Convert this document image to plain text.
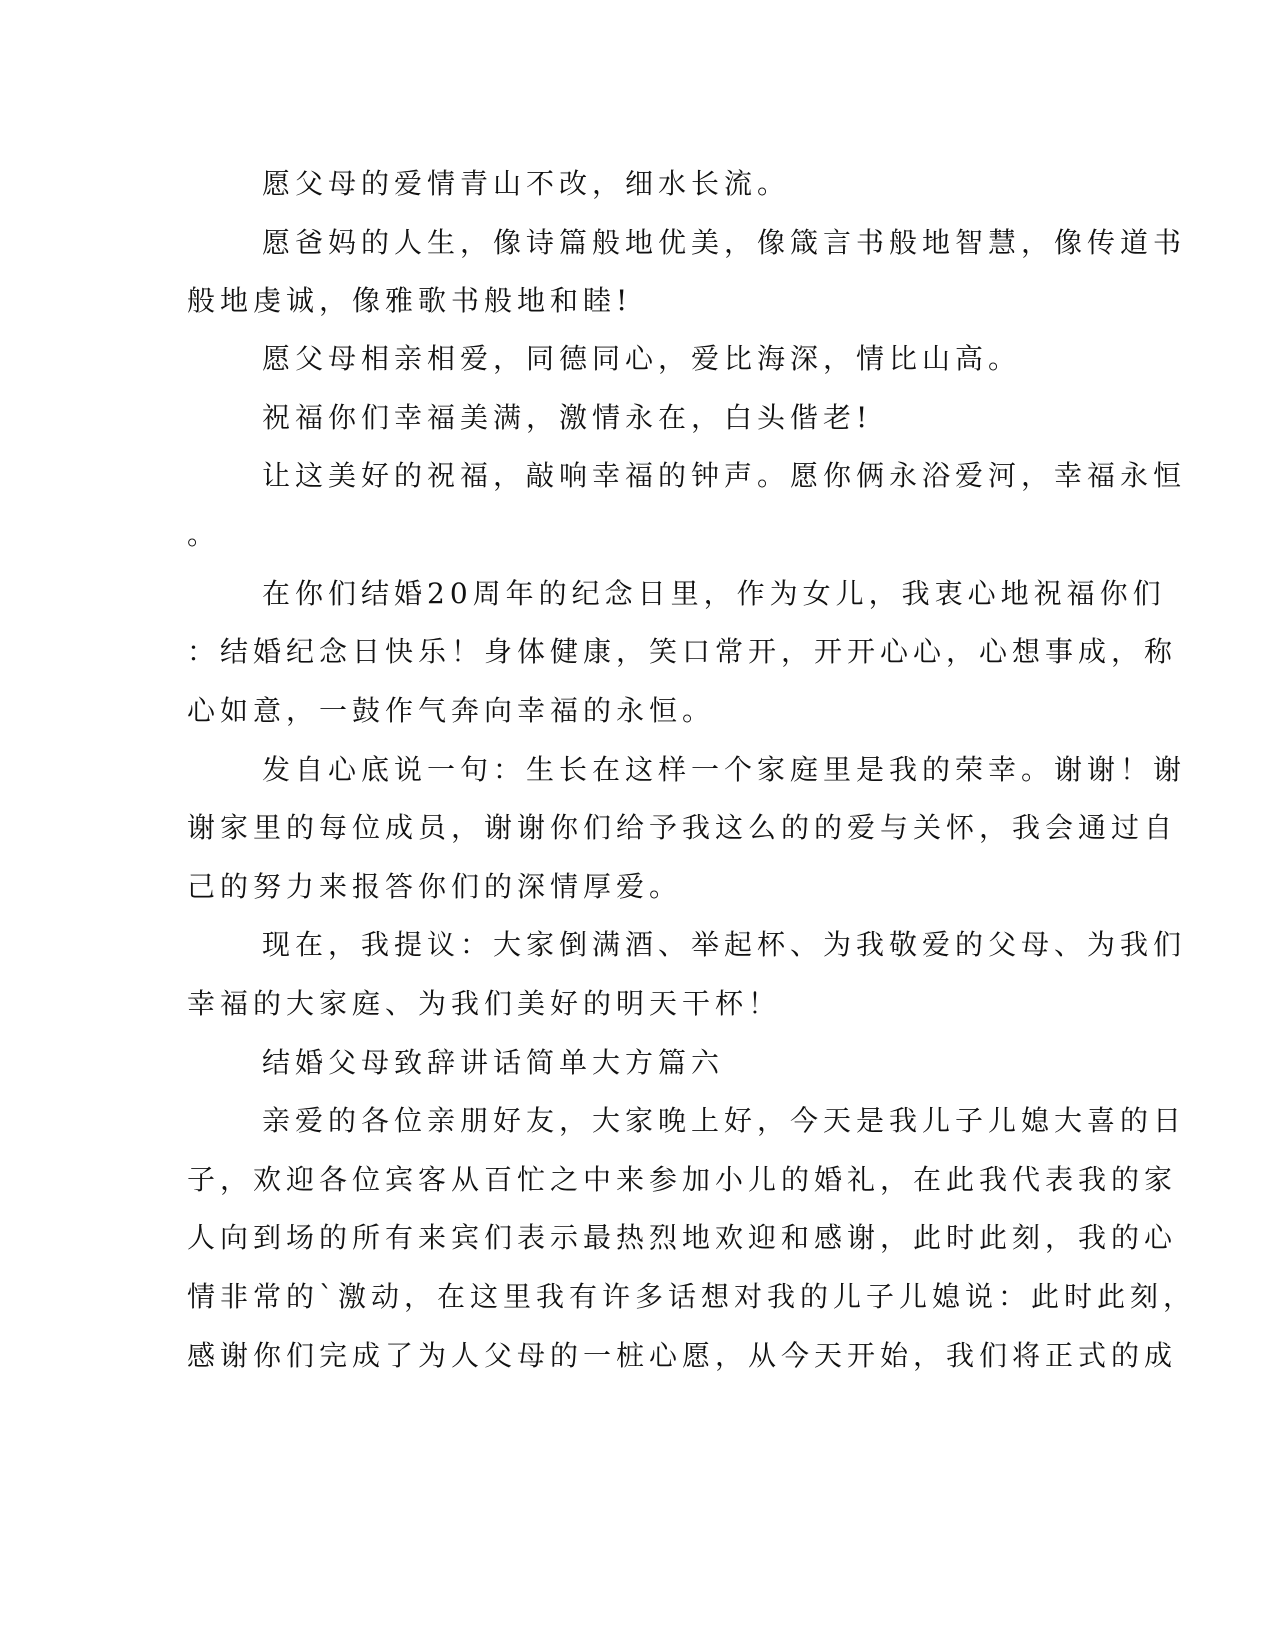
愿父母的爱情青山不改，细水长流。
愿爸妈的人生，像诗篇般地优美，像箴言书般地智慧，像传道书
般地虔诚，像雅歌书般地和睦!
愿父母相亲相爱，同德同心，爱比海深，情比山高。
祝福你们幸福美满，激情永在，白头偕老!
让这美好的祝福，敲响幸福的钟声。愿你俩永浴爱河，幸福永恒
。
在你们结婚20周年的纪念日里，作为女儿，我衷心地祝福你们
：结婚纪念日快乐！身体健康，笑口常开，开开心心，心想事成，称
心如意，一鼓作气奔向幸福的永恒。
发自心底说一句：生长在这样一个家庭里是我的荣幸。谢谢！谢
谢家里的每位成员，谢谢你们给予我这么的的爱与关怀，我会通过自
己的努力来报答你们的深情厚爱。
现在，我提议：大家倒满酒、举起杯、为我敬爱的父母、为我们
幸福的大家庭、为我们美好的明天干杯！
结婚父母致辞讲话简单大方篇六
亲爱的各位亲朋好友，大家晚上好，今天是我儿子儿媳大喜的日
子，欢迎各位宾客从百忙之中来参加小儿的婚礼，在此我代表我的家
人向到场的所有来宾们表示最热烈地欢迎和感谢，此时此刻，我的心
情非常的`激动，在这里我有许多话想对我的儿子儿媳说：此时此刻，
感谢你们完成了为人父母的一桩心愿，从今天开始，我们将正式的成
